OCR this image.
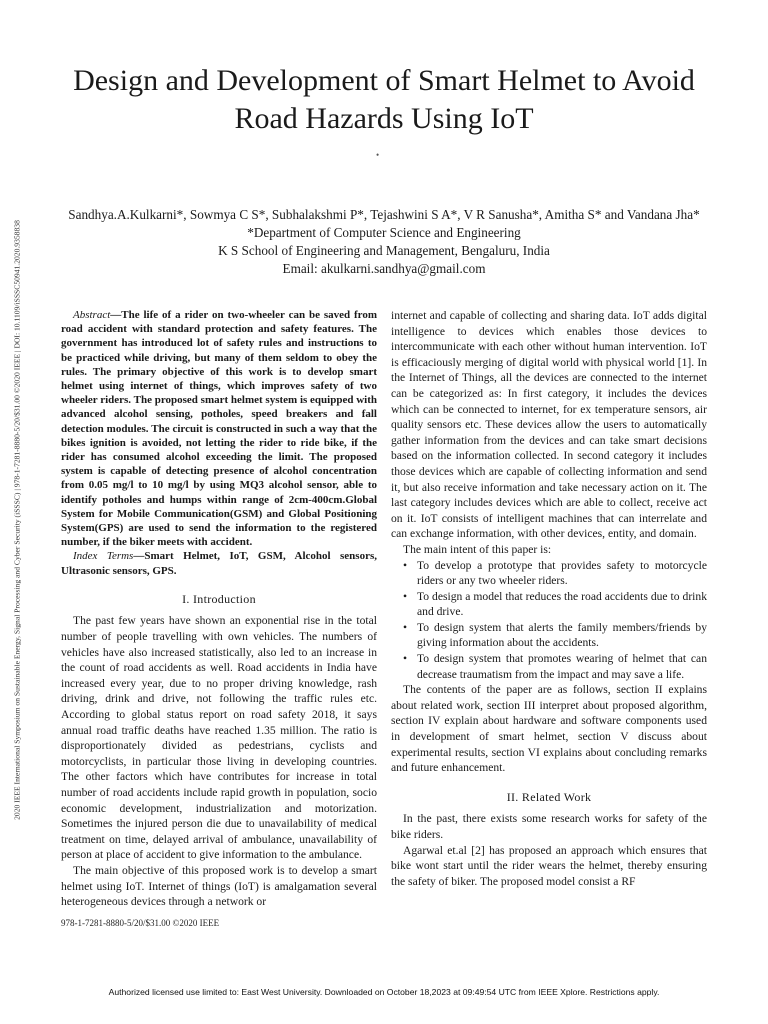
2020 IEEE International Symposium on Sustainable Energy, Signal Processing and Cyber Security (iSSSC) | 978-1-7281-8880-5/20/$31.00 ©2020 IEEE | DOI: 10.1109/iSSSC50941.2020.9358838
Design and Development of Smart Helmet to Avoid Road Hazards Using IoT
•
Sandhya.A.Kulkarni*, Sowmya C S*, Subhalakshmi P*, Tejashwini S A*, V R Sanusha*, Amitha S* and Vandana Jha*
*Department of Computer Science and Engineering
K S School of Engineering and Management, Bengaluru, India
Email: akulkarni.sandhya@gmail.com

Abstract—The life of a rider on two-wheeler can be saved from road accident with standard protection and safety features. The government has introduced lot of safety rules and instructions to be practiced while driving, but many of them seldom to obey the rules. The primary objective of this work is to develop smart helmet using internet of things, which improves safety of two wheeler riders. The proposed smart helmet system is equipped with advanced alcohol sensing, potholes, speed breakers and fall detection modules. The circuit is constructed in such a way that the bikes ignition is avoided, not letting the rider to ride bike, if the rider has consumed alcohol exceeding the limit. The proposed system is capable of detecting presence of alcohol concentration from 0.05 mg/l to 10 mg/l by using MQ3 alcohol sensor, able to identify potholes and humps within range of 2cm-400cm.Global System for Mobile Communication(GSM) and Global Positioning System(GPS) are used to send the information to the registered number, if the biker meets with accident.

Index Terms—Smart Helmet, IoT, GSM, Alcohol sensors, Ultrasonic sensors, GPS.

I. Introduction

The past few years have shown an exponential rise in the total number of people travelling with own vehicles. The numbers of vehicles have also increased statistically, also led to an increase in the count of road accidents as well. Road accidents in India have increased every year, due to no proper driving knowledge, rash driving, drink and drive, not following the traffic rules etc. According to global status report on road safety 2018, it says annual road traffic deaths have reached 1.35 million. The ratio is disproportionately divided as pedestrians, cyclists and motorcyclists, in particular those living in developing countries. The other factors which have contributes for increase in total number of road accidents include rapid growth in population, socio economic development, industrialization and motorization. Sometimes the injured person die due to unavailability of medical treatment on time, delayed arrival of ambulance, unavailability of person at place of accident to give information to the ambulance.

The main objective of this proposed work is to develop a smart helmet using IoT. Internet of things (IoT) is amalgamation several heterogeneous devices through a network or

internet and capable of collecting and sharing data. IoT adds digital intelligence to devices which enables those devices to intercommunicate with each other without human intervention. IoT is efficaciously merging of digital world with physical world [1]. In the Internet of Things, all the devices are connected to the internet can be categorized as: In first category, it includes the devices which can be connected to internet, for ex temperature sensors, air quality sensors etc. These devices allow the users to automatically gather information from the devices and can take smart decisions based on the information collected. In second category it includes those devices which are capable of collecting information and send it, but also receive information and take necessary action on it. The last category includes devices which are able to collect, receive act on it. IoT consists of intelligent machines that can interrelate and can exchange information, with other devices, entity, and domain.

The main intent of this paper is:

• To develop a prototype that provides safety to motorcycle riders or any two wheeler riders.
• To design a model that reduces the road accidents due to drink and drive.
• To design system that alerts the family members/friends by giving information about the accidents.
• To design system that promotes wearing of helmet that can decrease traumatism from the impact and may save a life.

The contents of the paper are as follows, section II explains about related work, section III interpret about proposed algorithm, section IV explain about hardware and software components used in development of smart helmet, section V discuss about experimental results, section VI explains about concluding remarks and future enhancement.

II. Related Work

In the past, there exists some research works for safety of the bike riders.

Agarwal et.al [2] has proposed an approach which ensures that bike wont start until the rider wears the helmet, thereby ensuring the safety of biker. The proposed model consist a RF

978-1-7281-8880-5/20/$31.00 ©2020 IEEE
Authorized licensed use limited to: East West University. Downloaded on October 18,2023 at 09:49:54 UTC from IEEE Xplore. Restrictions apply.
